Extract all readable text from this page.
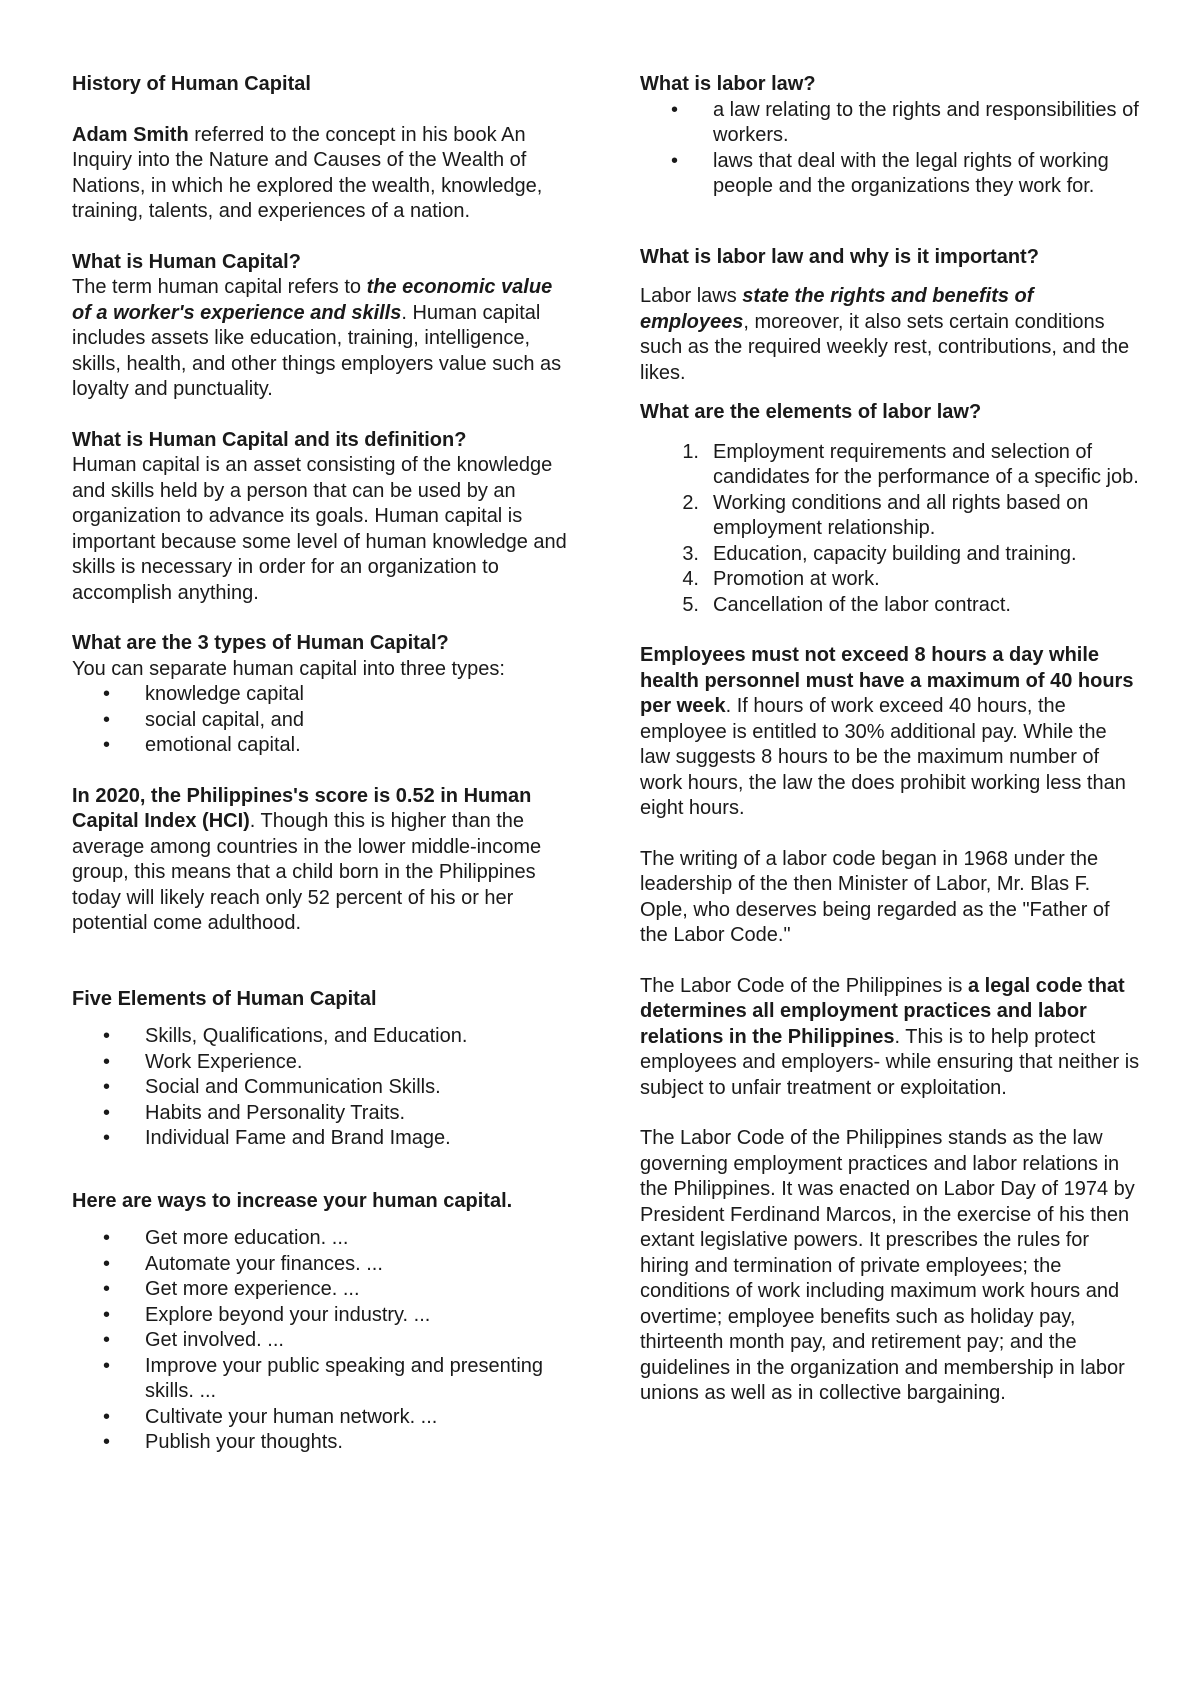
History of Human Capital

Adam Smith referred to the concept in his book An Inquiry into the Nature and Causes of the Wealth of Nations, in which he explored the wealth, knowledge, training, talents, and experiences of a nation.

What is Human Capital?

The term human capital refers to the economic value of a worker's experience and skills. Human capital includes assets like education, training, intelligence, skills, health, and other things employers value such as loyalty and punctuality.

What is Human Capital and its definition?

Human capital is an asset consisting of the knowledge and skills held by a person that can be used by an organization to advance its goals. Human capital is important because some level of human knowledge and skills is necessary in order for an organization to accomplish anything.

What are the 3 types of Human Capital?

You can separate human capital into three types:

• knowledge capital
• social capital, and
• emotional capital.

In 2020, the Philippines's score is 0.52 in Human Capital Index (HCI). Though this is higher than the average among countries in the lower middle-income group, this means that a child born in the Philippines today will likely reach only 52 percent of his or her potential come adulthood.

Five Elements of Human Capital

• Skills, Qualifications, and Education.
• Work Experience.
• Social and Communication Skills.
• Habits and Personality Traits.
• Individual Fame and Brand Image.

Here are ways to increase your human capital.

• Get more education. ...
• Automate your finances. ...
• Get more experience. ...
• Explore beyond your industry. ...
• Get involved. ...
• Improve your public speaking and presenting skills. ...
• Cultivate your human network. ...
• Publish your thoughts.

What is labor law?

• a law relating to the rights and responsibilities of workers.
• laws that deal with the legal rights of working people and the organizations they work for.

What is labor law and why is it important?

Labor laws state the rights and benefits of employees, moreover, it also sets certain conditions such as the required weekly rest, contributions, and the likes.

What are the elements of labor law?

1. Employment requirements and selection of candidates for the performance of a specific job.
2. Working conditions and all rights based on employment relationship.
3. Education, capacity building and training.
4. Promotion at work.
5. Cancellation of the labor contract.

Employees must not exceed 8 hours a day while health personnel must have a maximum of 40 hours per week. If hours of work exceed 40 hours, the employee is entitled to 30% additional pay. While the law suggests 8 hours to be the maximum number of work hours, the law the does prohibit working less than eight hours.

The writing of a labor code began in 1968 under the leadership of the then Minister of Labor, Mr. Blas F. Ople, who deserves being regarded as the "Father of the Labor Code."

The Labor Code of the Philippines is a legal code that determines all employment practices and labor relations in the Philippines. This is to help protect employees and employers- while ensuring that neither is subject to unfair treatment or exploitation.

The Labor Code of the Philippines stands as the law governing employment practices and labor relations in the Philippines. It was enacted on Labor Day of 1974 by President Ferdinand Marcos, in the exercise of his then extant legislative powers. It prescribes the rules for hiring and termination of private employees; the conditions of work including maximum work hours and overtime; employee benefits such as holiday pay, thirteenth month pay, and retirement pay; and the guidelines in the organization and membership in labor unions as well as in collective bargaining.
